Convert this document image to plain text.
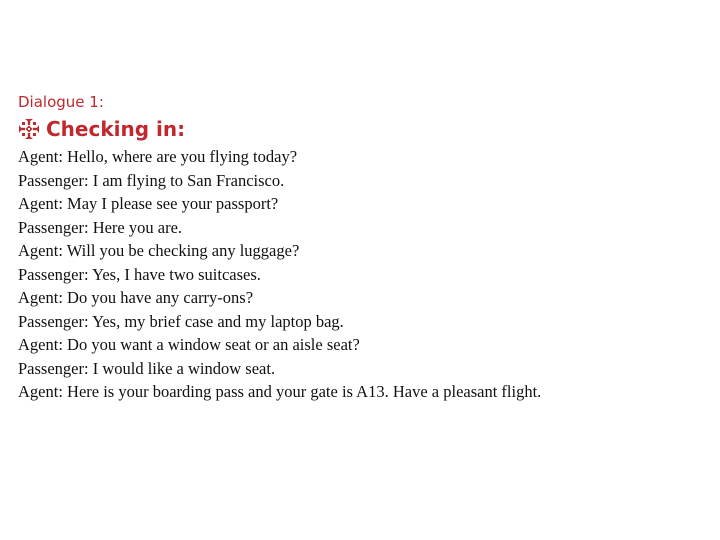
Dialogue 1:
Checking in:
Agent: Hello, where are you flying today?
Passenger: I am flying to San Francisco.
Agent: May I please see your passport?
Passenger: Here you are.
Agent: Will you be checking any luggage?
Passenger: Yes, I have two suitcases.
Agent: Do you have any carry-ons?
Passenger: Yes, my brief case and my laptop bag.
Agent: Do you want a window seat or an aisle seat?
Passenger: I would like a window seat.
Agent: Here is your boarding pass and your gate is A13. Have a pleasant flight.
